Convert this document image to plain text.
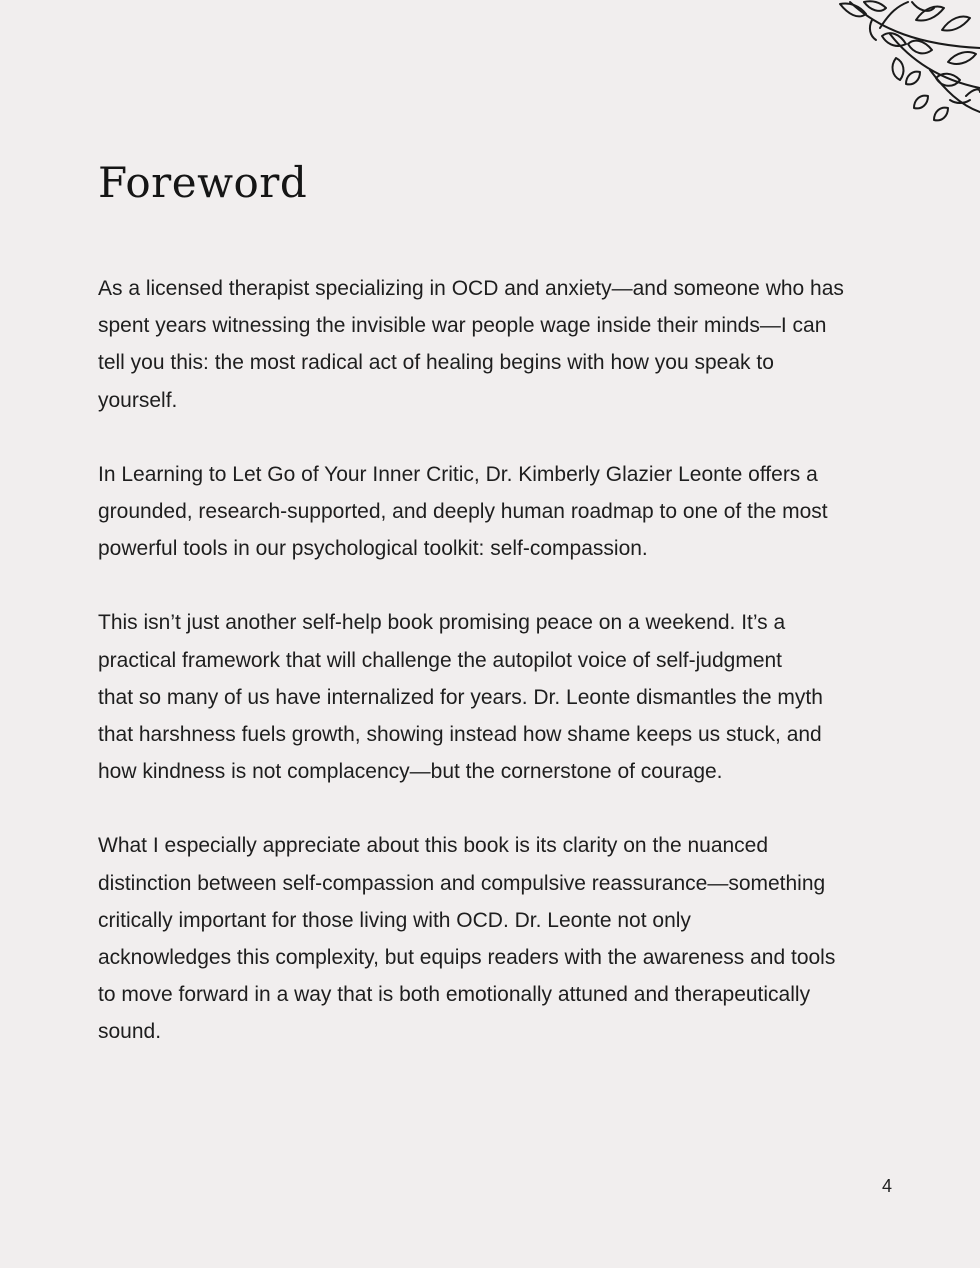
Foreword

As a licensed therapist specializing in OCD and anxiety—and someone who has
spent years witnessing the invisible war people wage inside their minds—I can
tell you this: the most radical act of healing begins with how you speak to
yourself.

In Learning to Let Go of Your Inner Critic, Dr. Kimberly Glazier Leonte offers a
grounded, research-supported, and deeply human roadmap to one of the most
powerful tools in our psychological toolkit: self-compassion.

This isn’t just another self-help book promising peace on a weekend. It’s a
practical framework that will challenge the autopilot voice of self-judgment
that so many of us have internalized for years. Dr. Leonte dismantles the myth
that harshness fuels growth, showing instead how shame keeps us stuck, and
how kindness is not complacency—but the cornerstone of courage.

What I especially appreciate about this book is its clarity on the nuanced
distinction between self-compassion and compulsive reassurance—something
critically important for those living with OCD. Dr. Leonte not only
acknowledges this complexity, but equips readers with the awareness and tools
to move forward in a way that is both emotionally attuned and therapeutically
sound.

4
